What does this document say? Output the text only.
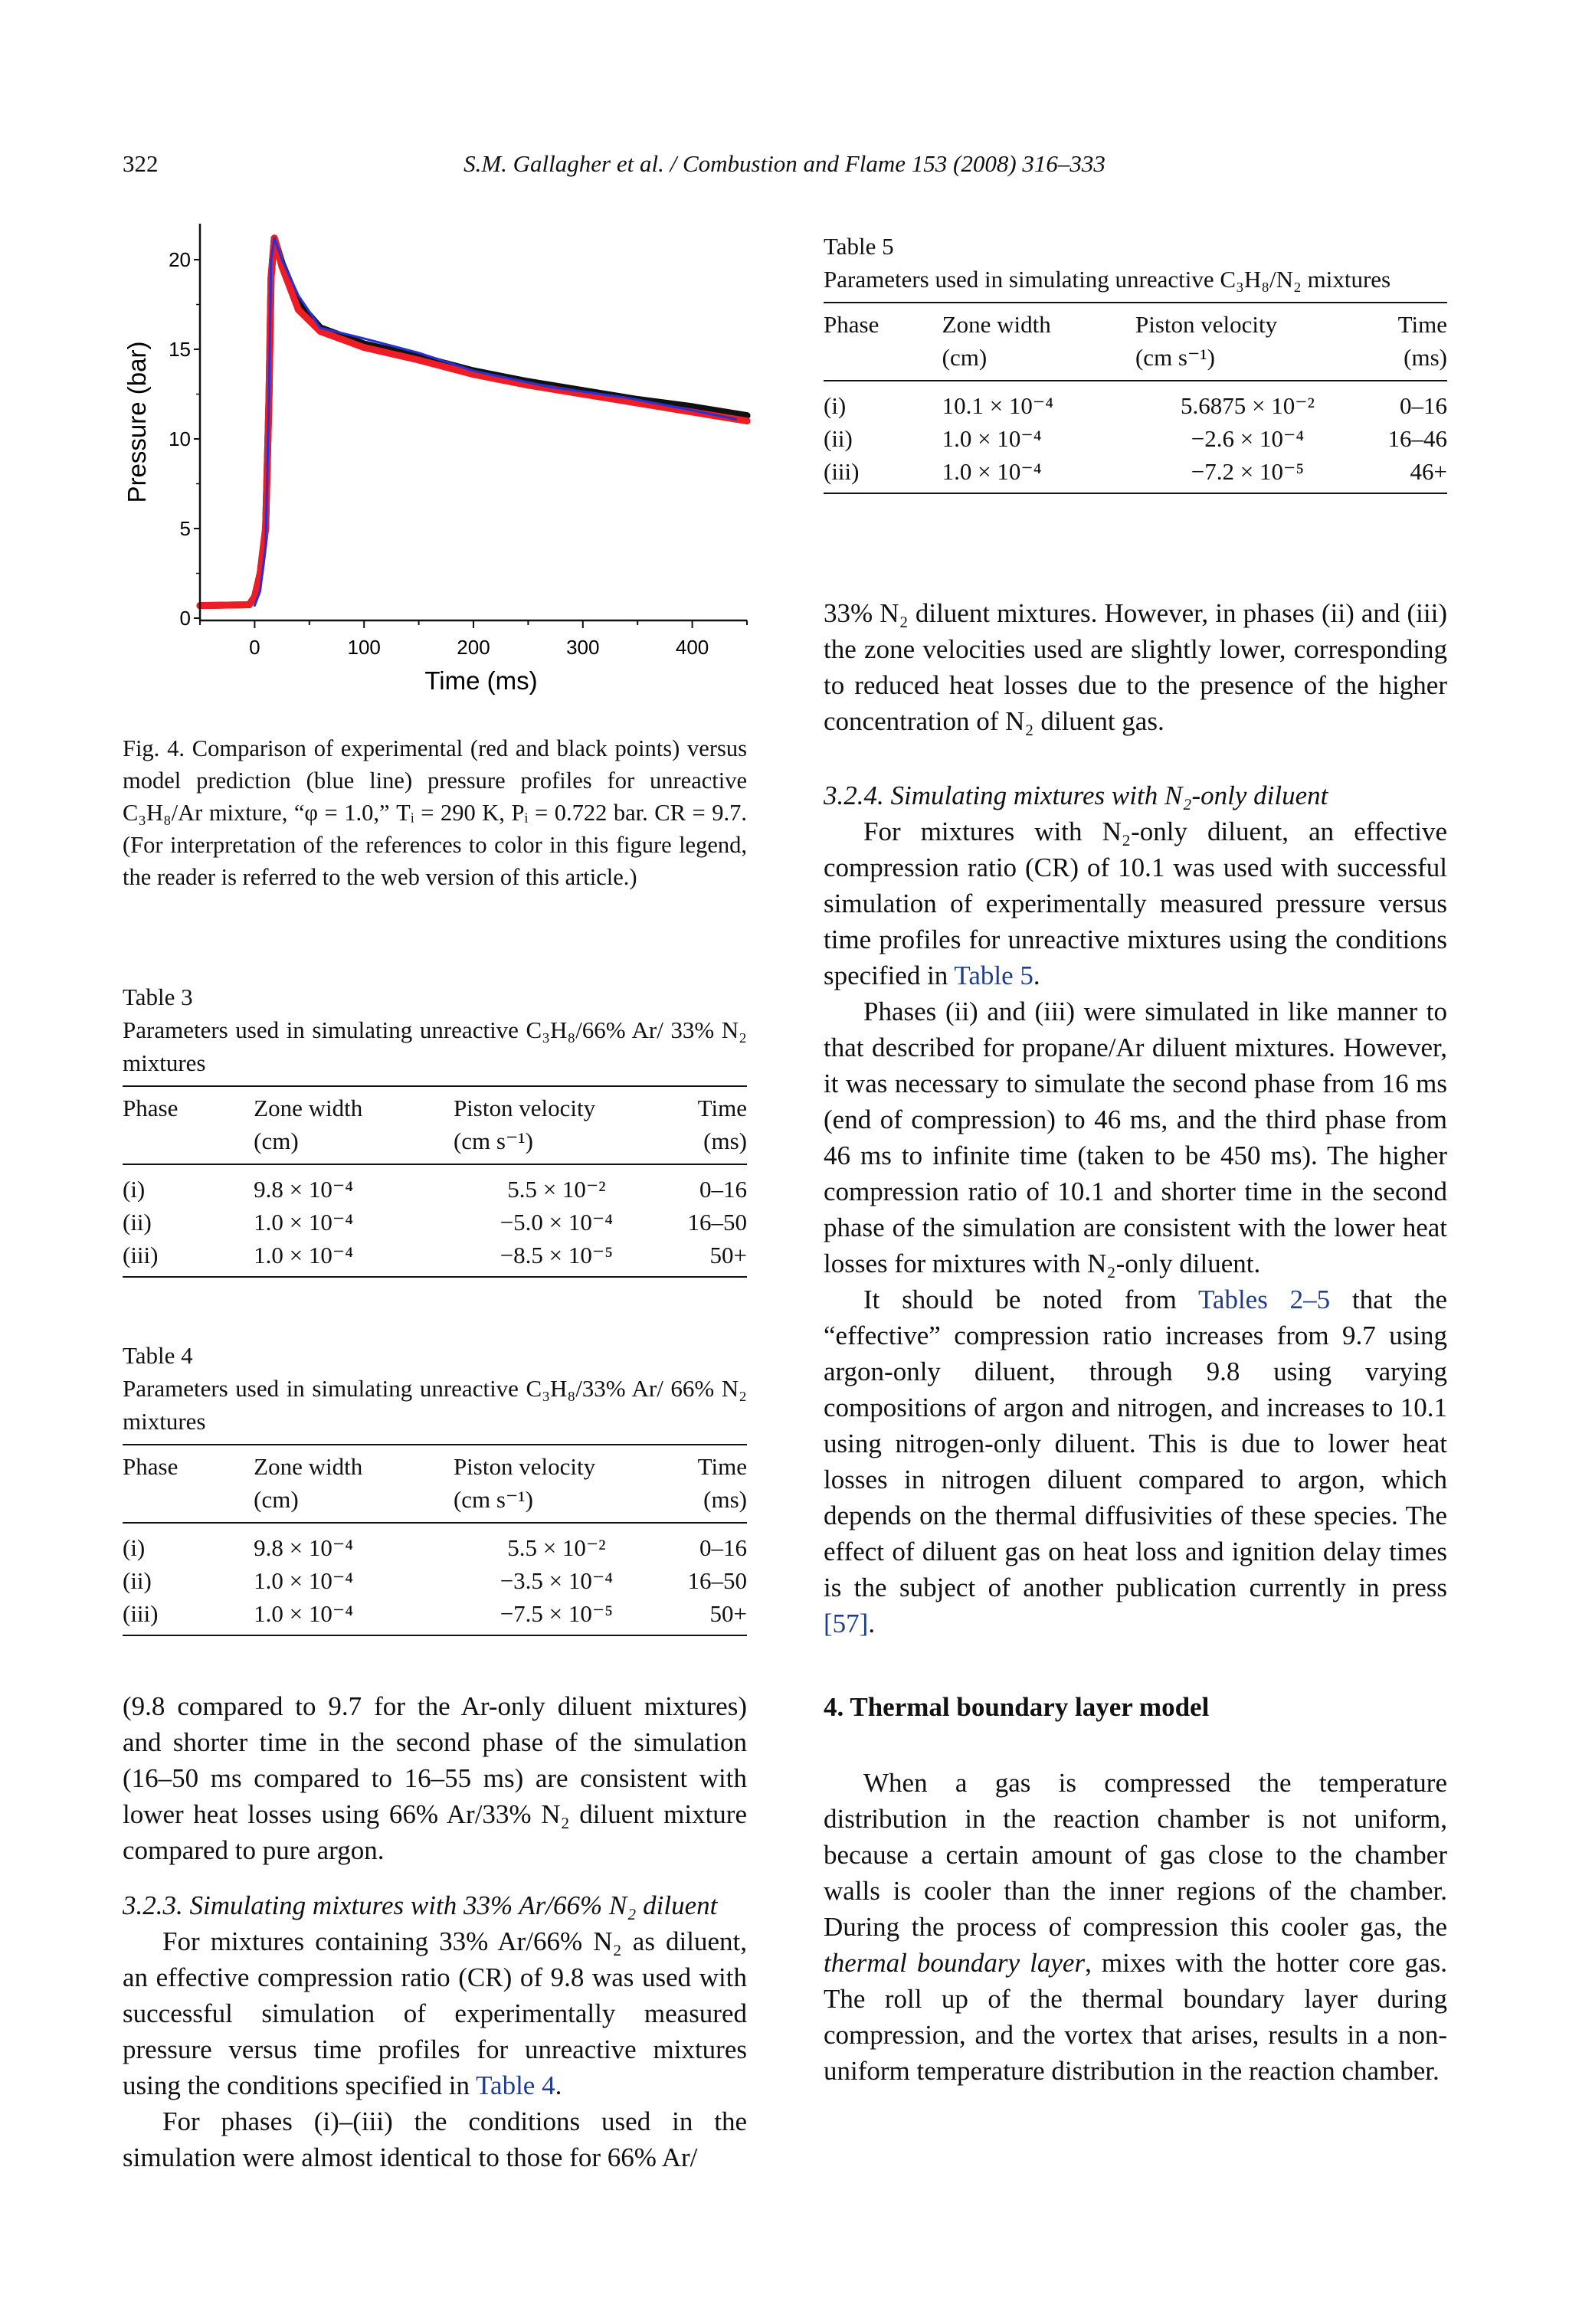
322	S.M. Gallagher et al. / Combustion and Flame 153 (2008) 316–333
0
5
10
15
20
0	100	200	300	400
Time (ms)
Pressure (bar)
Fig. 4. Comparison of experimental (red and black points) versus model prediction (blue line) pressure profiles for unreactive C₃H₈/Ar mixture, “φ = 1.0,” Tᵢ = 290 K, Pᵢ = 0.722 bar. CR = 9.7. (For interpretation of the references to color in this figure legend, the reader is referred to the web version of this article.)
Table 3
Parameters used in simulating unreactive C₃H₈/66% Ar/ 33% N₂ mixtures
Phase	Zone width	Piston velocity	Time
	(cm)	(cm s⁻¹)	(ms)
(i)	9.8 × 10⁻⁴	5.5 × 10⁻²	0–16
(ii)	1.0 × 10⁻⁴	−5.0 × 10⁻⁴	16–50
(iii)	1.0 × 10⁻⁴	−8.5 × 10⁻⁵	50+
Table 4
Parameters used in simulating unreactive C₃H₈/33% Ar/ 66% N₂ mixtures
Phase	Zone width	Piston velocity	Time
	(cm)	(cm s⁻¹)	(ms)
(i)	9.8 × 10⁻⁴	5.5 × 10⁻²	0–16
(ii)	1.0 × 10⁻⁴	−3.5 × 10⁻⁴	16–50
(iii)	1.0 × 10⁻⁴	−7.5 × 10⁻⁵	50+

(9.8 compared to 9.7 for the Ar-only diluent mixtures) and shorter time in the second phase of the simulation (16–50 ms compared to 16–55 ms) are consistent with lower heat losses using 66% Ar/33% N₂ diluent mixture compared to pure argon.

3.2.3. Simulating mixtures with 33% Ar/66% N₂ diluent

For mixtures containing 33% Ar/66% N₂ as diluent, an effective compression ratio (CR) of 9.8 was used with successful simulation of experimentally measured pressure versus time profiles for unreactive mixtures using the conditions specified in Table 4.

For phases (i)–(iii) the conditions used in the simulation were almost identical to those for 66% Ar/

Table 5
Parameters used in simulating unreactive C₃H₈/N₂ mixtures
Phase	Zone width	Piston velocity	Time
	(cm)	(cm s⁻¹)	(ms)
(i)	10.1 × 10⁻⁴	5.6875 × 10⁻²	0–16
(ii)	1.0 × 10⁻⁴	−2.6 × 10⁻⁴	16–46
(iii)	1.0 × 10⁻⁴	−7.2 × 10⁻⁵	46+

33% N₂ diluent mixtures. However, in phases (ii) and (iii) the zone velocities used are slightly lower, corresponding to reduced heat losses due to the presence of the higher concentration of N₂ diluent gas.

3.2.4. Simulating mixtures with N₂-only diluent

For mixtures with N₂-only diluent, an effective compression ratio (CR) of 10.1 was used with successful simulation of experimentally measured pressure versus time profiles for unreactive mixtures using the conditions specified in Table 5.

Phases (ii) and (iii) were simulated in like manner to that described for propane/Ar diluent mixtures. However, it was necessary to simulate the second phase from 16 ms (end of compression) to 46 ms, and the third phase from 46 ms to infinite time (taken to be 450 ms). The higher compression ratio of 10.1 and shorter time in the second phase of the simulation are consistent with the lower heat losses for mixtures with N₂-only diluent.

It should be noted from Tables 2–5 that the “effective” compression ratio increases from 9.7 using argon-only diluent, through 9.8 using varying compositions of argon and nitrogen, and increases to 10.1 using nitrogen-only diluent. This is due to lower heat losses in nitrogen diluent compared to argon, which depends on the thermal diffusivities of these species. The effect of diluent gas on heat loss and ignition delay times is the subject of another publication currently in press [57].

4. Thermal boundary layer model

When a gas is compressed the temperature distribution in the reaction chamber is not uniform, because a certain amount of gas close to the chamber walls is cooler than the inner regions of the chamber. During the process of compression this cooler gas, the thermal boundary layer, mixes with the hotter core gas. The roll up of the thermal boundary layer during compression, and the vortex that arises, results in a non-uniform temperature distribution in the reaction chamber.
